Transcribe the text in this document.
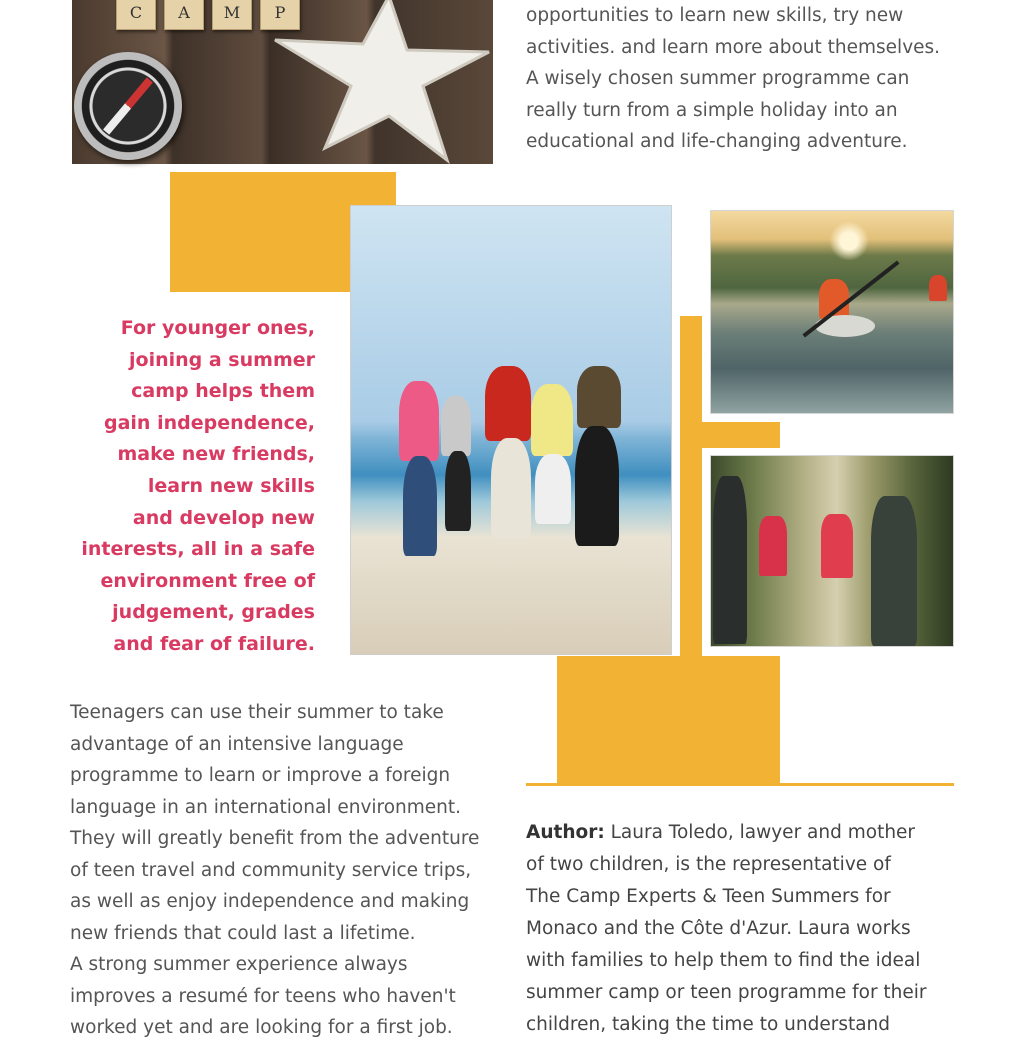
C	A	M	P	opportunities to learn new skills, try new
activities. and learn more about themselves.
A wisely chosen summer programme can
really turn from a simple holiday into an
educational and life-changing adventure.
For younger ones,
joining a summer
camp helps them
gain independence,
make new friends,
learn new skills
and develop new
interests, all in a safe
environment free of
judgement, grades
and fear of failure.
Teenagers can use their summer to take
advantage of an intensive language
programme to learn or improve a foreign
language in an international environment.
They will greatly benefit from the adventure
of teen travel and community service trips,
as well as enjoy independence and making
new friends that could last a lifetime.
A strong summer experience always
improves a resumé for teens who haven't
worked yet and are looking for a first job.
Author: Laura Toledo, lawyer and mother
of two children, is the representative of
The Camp Experts & Teen Summers for
Monaco and the Côte d'Azur. Laura works
with families to help them to find the ideal
summer camp or teen programme for their
children, taking the time to understand
